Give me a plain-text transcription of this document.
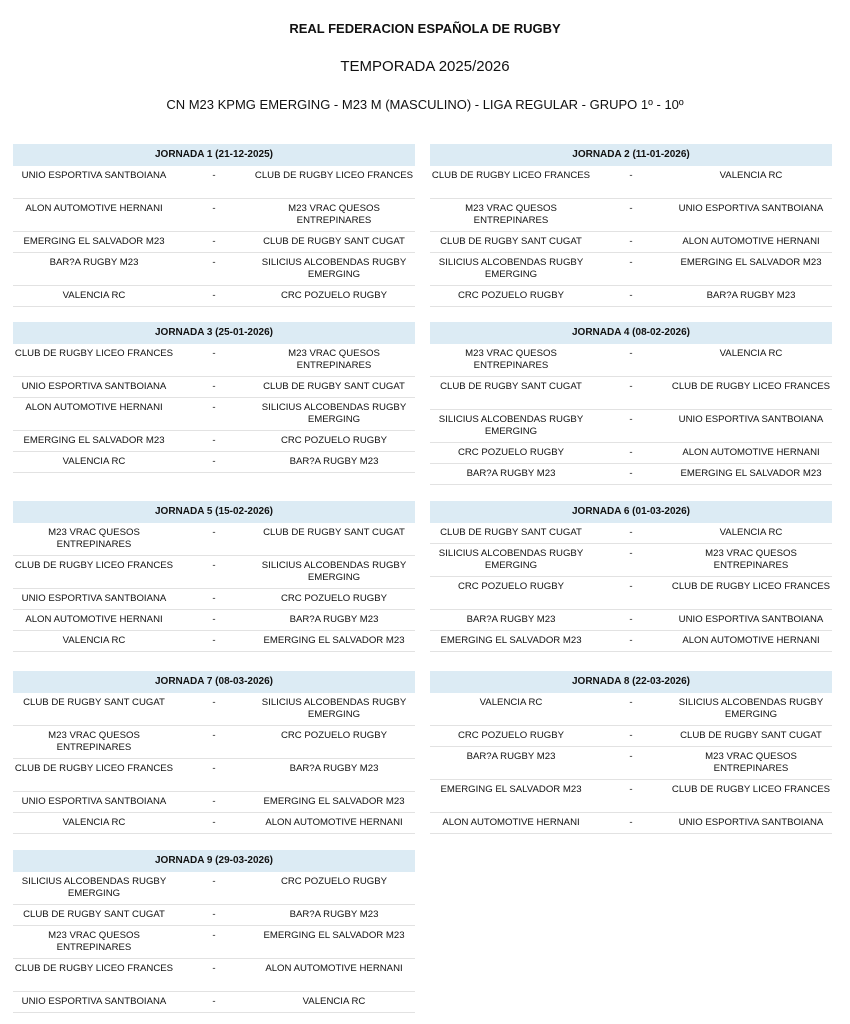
REAL FEDERACION ESPAÑOLA DE RUGBY
TEMPORADA 2025/2026
CN M23 KPMG EMERGING - M23 M (MASCULINO) - LIGA REGULAR - GRUPO 1º - 10º
JORNADA 1 (21-12-2025)
UNIO ESPORTIVA SANTBOIANA	-	CLUB DE RUGBY LICEO FRANCES
ALON AUTOMOTIVE HERNANI	-	M23 VRAC QUESOS ENTREPINARES
EMERGING EL SALVADOR M23	-	CLUB DE RUGBY SANT CUGAT
BAR?A RUGBY M23	-	SILICIUS ALCOBENDAS RUGBY EMERGING
VALENCIA RC	-	CRC POZUELO RUGBY
JORNADA 2 (11-01-2026)
CLUB DE RUGBY LICEO FRANCES	-	VALENCIA RC
M23 VRAC QUESOS ENTREPINARES	-	UNIO ESPORTIVA SANTBOIANA
CLUB DE RUGBY SANT CUGAT	-	ALON AUTOMOTIVE HERNANI
SILICIUS ALCOBENDAS RUGBY EMERGING	-	EMERGING EL SALVADOR M23
CRC POZUELO RUGBY	-	BAR?A RUGBY M23
JORNADA 3 (25-01-2026)
CLUB DE RUGBY LICEO FRANCES	-	M23 VRAC QUESOS ENTREPINARES
UNIO ESPORTIVA SANTBOIANA	-	CLUB DE RUGBY SANT CUGAT
ALON AUTOMOTIVE HERNANI	-	SILICIUS ALCOBENDAS RUGBY EMERGING
EMERGING EL SALVADOR M23	-	CRC POZUELO RUGBY
VALENCIA RC	-	BAR?A RUGBY M23
JORNADA 4 (08-02-2026)
M23 VRAC QUESOS ENTREPINARES	-	VALENCIA RC
CLUB DE RUGBY SANT CUGAT	-	CLUB DE RUGBY LICEO FRANCES
SILICIUS ALCOBENDAS RUGBY EMERGING	-	UNIO ESPORTIVA SANTBOIANA
CRC POZUELO RUGBY	-	ALON AUTOMOTIVE HERNANI
BAR?A RUGBY M23	-	EMERGING EL SALVADOR M23
JORNADA 5 (15-02-2026)
M23 VRAC QUESOS ENTREPINARES	-	CLUB DE RUGBY SANT CUGAT
CLUB DE RUGBY LICEO FRANCES	-	SILICIUS ALCOBENDAS RUGBY EMERGING
UNIO ESPORTIVA SANTBOIANA	-	CRC POZUELO RUGBY
ALON AUTOMOTIVE HERNANI	-	BAR?A RUGBY M23
VALENCIA RC	-	EMERGING EL SALVADOR M23
JORNADA 6 (01-03-2026)
CLUB DE RUGBY SANT CUGAT	-	VALENCIA RC
SILICIUS ALCOBENDAS RUGBY EMERGING	-	M23 VRAC QUESOS ENTREPINARES
CRC POZUELO RUGBY	-	CLUB DE RUGBY LICEO FRANCES
BAR?A RUGBY M23	-	UNIO ESPORTIVA SANTBOIANA
EMERGING EL SALVADOR M23	-	ALON AUTOMOTIVE HERNANI
JORNADA 7 (08-03-2026)
CLUB DE RUGBY SANT CUGAT	-	SILICIUS ALCOBENDAS RUGBY EMERGING
M23 VRAC QUESOS ENTREPINARES	-	CRC POZUELO RUGBY
CLUB DE RUGBY LICEO FRANCES	-	BAR?A RUGBY M23
UNIO ESPORTIVA SANTBOIANA	-	EMERGING EL SALVADOR M23
VALENCIA RC	-	ALON AUTOMOTIVE HERNANI
JORNADA 8 (22-03-2026)
VALENCIA RC	-	SILICIUS ALCOBENDAS RUGBY EMERGING
CRC POZUELO RUGBY	-	CLUB DE RUGBY SANT CUGAT
BAR?A RUGBY M23	-	M23 VRAC QUESOS ENTREPINARES
EMERGING EL SALVADOR M23	-	CLUB DE RUGBY LICEO FRANCES
ALON AUTOMOTIVE HERNANI	-	UNIO ESPORTIVA SANTBOIANA
JORNADA 9 (29-03-2026)
SILICIUS ALCOBENDAS RUGBY EMERGING	-	CRC POZUELO RUGBY
CLUB DE RUGBY SANT CUGAT	-	BAR?A RUGBY M23
M23 VRAC QUESOS ENTREPINARES	-	EMERGING EL SALVADOR M23
CLUB DE RUGBY LICEO FRANCES	-	ALON AUTOMOTIVE HERNANI
UNIO ESPORTIVA SANTBOIANA	-	VALENCIA RC
